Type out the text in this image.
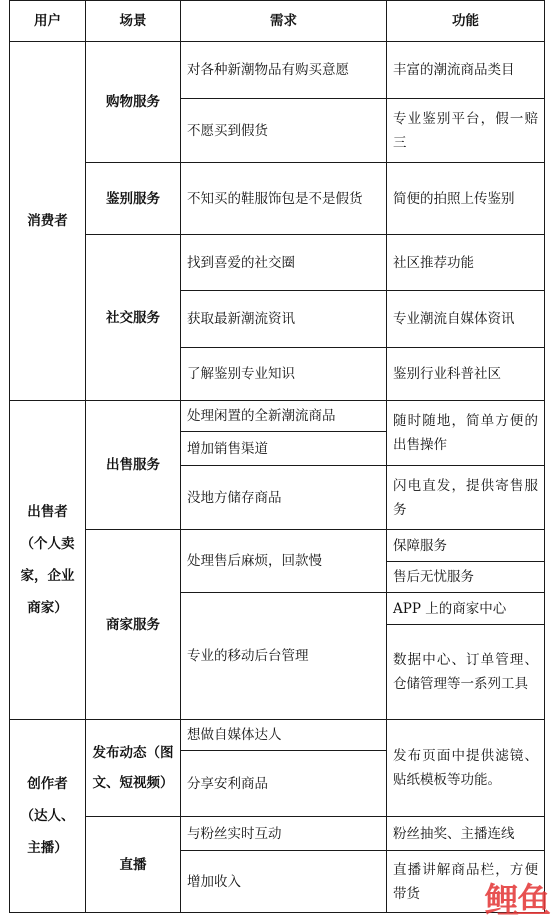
用户	场景	需求	功能
消费者	购物服务	对各种新潮物品有购买意愿	丰富的潮流商品类目
		不愿买到假货	专业鉴别平台，假一赔三
	鉴别服务	不知买的鞋服饰包是不是假货	简便的拍照上传鉴别
	社交服务	找到喜爱的社交圈	社区推荐功能
		获取最新潮流资讯	专业潮流自媒体资讯
		了解鉴别专业知识	鉴别行业科普社区
出售者（个人卖家，企业商家）	出售服务	处理闲置的全新潮流商品	随时随地，简单方便的出售操作
		增加销售渠道	
		没地方储存商品	闪电直发，提供寄售服务
	商家服务	处理售后麻烦，回款慢	保障服务
			售后无忧服务
		专业的移动后台管理	APP 上的商家中心
			数据中心、订单管理、仓储管理等一系列工具

创作者（达人、主播）	发布动态（图文、短视频）	想做自媒体达人	发布页面中提供滤镜、贴纸模板等功能。
		分享安利商品	
	直播	与粉丝实时互动	粉丝抽奖、主播连线
		增加收入	直播讲解商品栏，方便带货 鲤鱼
